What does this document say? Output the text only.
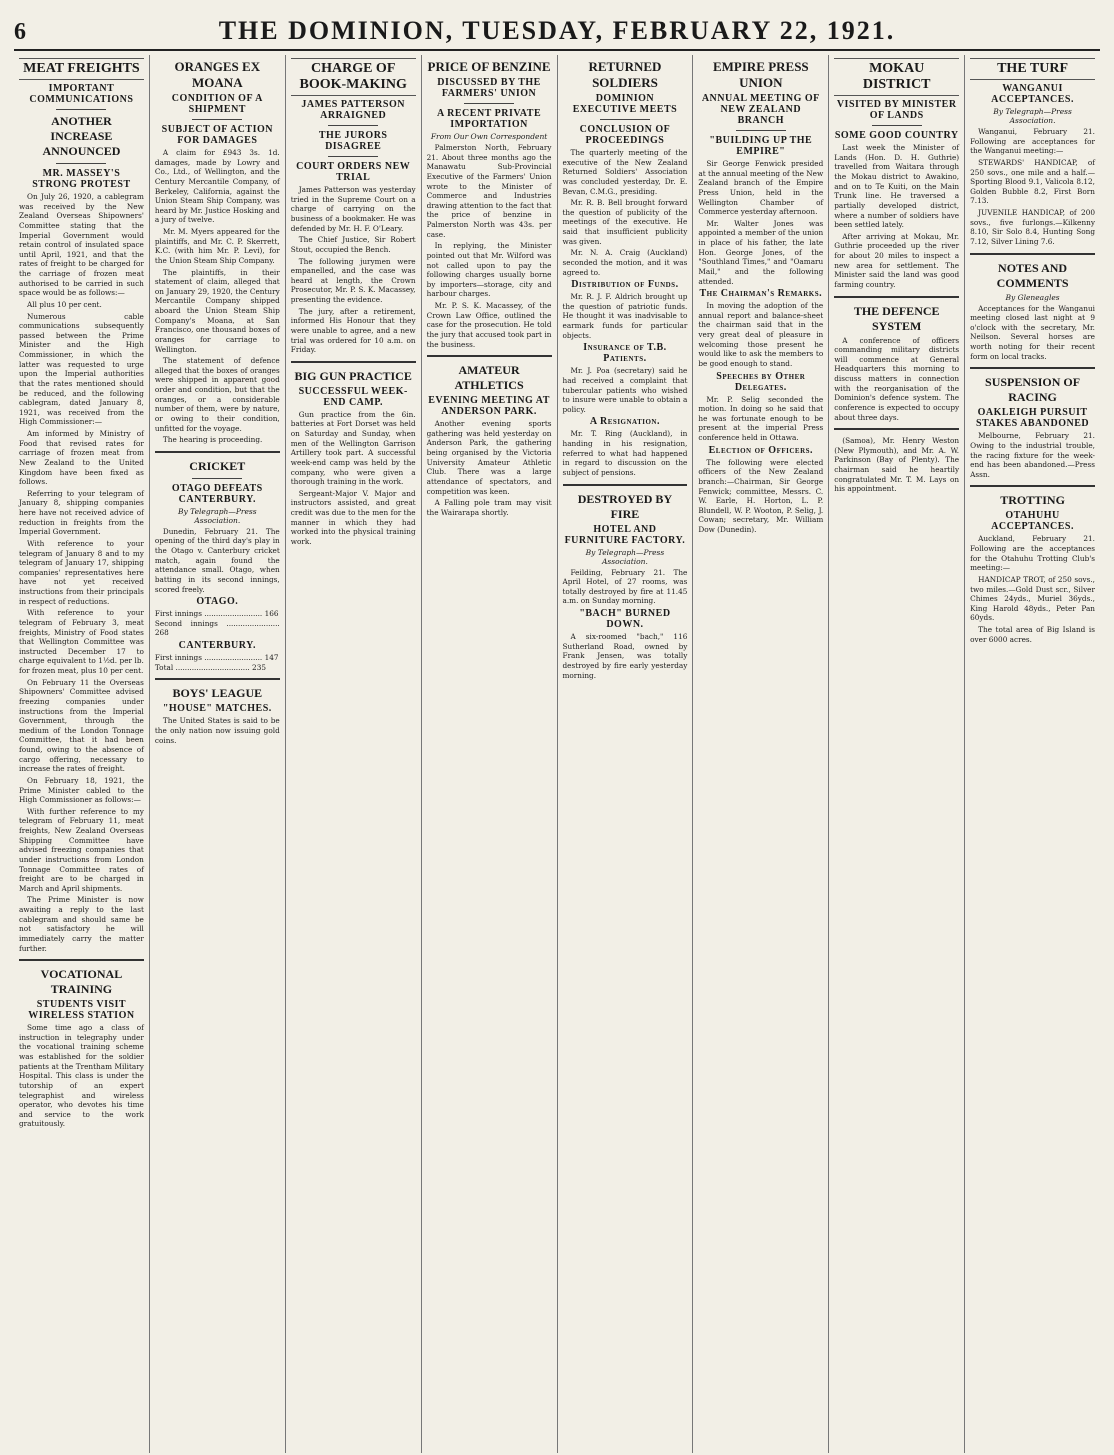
6	THE DOMINION, TUESDAY, FEBRUARY 22, 1921.
MEAT FREIGHTS
IMPORTANT COMMUNICATIONS
ANOTHER INCREASE ANNOUNCED
MR. MASSEY'S STRONG PROTEST

On July 26, 1920, a cablegram was received by the New Zealand Overseas Shipowners' Committee stating that the Imperial Government would retain control of insulated space until April, 1921, and that the rates of freight to be charged for the carriage of frozen meat authorised to be carried in such space would be as follows:—

All plus 10 per cent.

Numerous cable communications subsequently passed between the Prime Minister and the High Commissioner, in which the latter was requested to urge upon the Imperial authorities that the rates mentioned should be reduced, and the following cablegram, dated January 8, 1921, was received from the High Commissioner:—

Am informed by Ministry of Food that revised rates for carriage of frozen meat from New Zealand to the United Kingdom have been fixed as follows.

Referring to your telegram of January 8, shipping companies here have not received advice of reduction in freights from the Imperial Government.

With reference to your telegram of January 8 and to my telegram of January 17, shipping companies' representatives here have not yet received instructions from their principals in respect of reductions.

With reference to your telegram of February 3, meat freights, Ministry of Food states that Wellington Committee was instructed December 17 to charge equivalent to 1½d. per lb. for frozen meat, plus 10 per cent.

On February 11 the Overseas Shipowners' Committee advised freezing companies under instructions from the Imperial Government, through the medium of the London Tonnage Committee, that it had been found, owing to the absence of cargo offering, necessary to increase the rates of freight.

On February 18, 1921, the Prime Minister cabled to the High Commissioner as follows:—

With further reference to my telegram of February 11, meat freights, New Zealand Overseas Shipping Committee have advised freezing companies that under instructions from London Tonnage Committee rates of freight are to be charged in March and April shipments.

The Prime Minister is now awaiting a reply to the last cablegram and should same be not satisfactory he will immediately carry the matter further.

VOCATIONAL TRAINING
STUDENTS VISIT WIRELESS STATION

Some time ago a class of instruction in telegraphy under the vocational training scheme was established for the soldier patients at the Trentham Military Hospital. This class is under the tutorship of an expert telegraphist and wireless operator, who devotes his time and service to the work gratuitously.

ORANGES EX MOANA
CONDITION OF A SHIPMENT
SUBJECT OF ACTION FOR DAMAGES

A claim for £943 3s. 1d. damages, made by Lowry and Co., Ltd., of Wellington, and the Century Mercantile Company, of Berkeley, California, against the Union Steam Ship Company, was heard by Mr. Justice Hosking and a jury of twelve.

Mr. M. Myers appeared for the plaintiffs, and Mr. C. P. Skerrett, K.C. (with him Mr. P. Levi), for the Union Steam Ship Company.

The plaintiffs, in their statement of claim, alleged that on January 29, 1920, the Century Mercantile Company shipped aboard the Union Steam Ship Company's Moana, at San Francisco, one thousand boxes of oranges for carriage to Wellington.

The statement of defence alleged that the boxes of oranges were shipped in apparent good order and condition, but that the oranges, or a considerable number of them, were by nature, or owing to their condition, unfitted for the voyage.

The hearing is proceeding.

CRICKET
OTAGO DEFEATS CANTERBURY.
By Telegraph—Press Association.

Dunedin, February 21. The opening of the third day's play in the Otago v. Canterbury cricket match, again found the attendance small. Otago, when batting in its second innings, scored freely.

OTAGO.
First innings ......................... 166
Second innings ....................... 268
CANTERBURY.
First innings ......................... 147
Total ................................ 235
BOYS' LEAGUE
"HOUSE" MATCHES.

The United States is said to be the only nation now issuing gold coins.

CHARGE OF BOOK-MAKING
JAMES PATTERSON ARRAIGNED
THE JURORS DISAGREE
COURT ORDERS NEW TRIAL

James Patterson was yesterday tried in the Supreme Court on a charge of carrying on the business of a bookmaker. He was defended by Mr. H. F. O'Leary.

The Chief Justice, Sir Robert Stout, occupied the Bench.

The following jurymen were empanelled, and the case was heard at length, the Crown Prosecutor, Mr. P. S. K. Macassey, presenting the evidence.

The jury, after a retirement, informed His Honour that they were unable to agree, and a new trial was ordered for 10 a.m. on Friday.

BIG GUN PRACTICE
SUCCESSFUL WEEK-END CAMP.

Gun practice from the 6in. batteries at Fort Dorset was held on Saturday and Sunday, when men of the Wellington Garrison Artillery took part. A successful week-end camp was held by the company, who were given a thorough training in the work.

Sergeant-Major V. Major and instructors assisted, and great credit was due to the men for the manner in which they had worked into the physical training work.

PRICE OF BENZINE
DISCUSSED BY THE FARMERS' UNION
A RECENT PRIVATE IMPORTATION
From Our Own Correspondent

Palmerston North, February 21. About three months ago the Manawatu Sub-Provincial Executive of the Farmers' Union wrote to the Minister of Commerce and Industries drawing attention to the fact that the price of benzine in Palmerston North was 43s. per case.

In replying, the Minister pointed out that Mr. Wilford was not called upon to pay the following charges usually borne by importers—storage, city and harbour charges.

Mr. P. S. K. Macassey, of the Crown Law Office, outlined the case for the prosecution. He told the jury that accused took part in the business.

AMATEUR ATHLETICS
EVENING MEETING AT ANDERSON PARK.

Another evening sports gathering was held yesterday on Anderson Park, the gathering being organised by the Victoria University Amateur Athletic Club. There was a large attendance of spectators, and competition was keen.

A Falling pole tram may visit the Wairarapa shortly.

RETURNED SOLDIERS
DOMINION EXECUTIVE MEETS
CONCLUSION OF PROCEEDINGS

The quarterly meeting of the executive of the New Zealand Returned Soldiers' Association was concluded yesterday, Dr. E. Bevan, C.M.G., presiding.

Mr. R. B. Bell brought forward the question of publicity of the meetings of the executive. He said that insufficient publicity was given.

Mr. N. A. Craig (Auckland) seconded the motion, and it was agreed to.

Distribution of Funds.

Mr. R. J. F. Aldrich brought up the question of patriotic funds. He thought it was inadvisable to earmark funds for particular objects.

Insurance of T.B. Patients.

Mr. J. Poa (secretary) said he had received a complaint that tubercular patients who wished to insure were unable to obtain a policy.

A Resignation.

Mr. T. Ring (Auckland), in handing in his resignation, referred to what had happened in regard to discussion on the subject of pensions.

DESTROYED BY FIRE
HOTEL AND FURNITURE FACTORY.
By Telegraph—Press Association.

Feilding, February 21. The April Hotel, of 27 rooms, was totally destroyed by fire at 11.45 a.m. on Sunday morning.

"BACH" BURNED DOWN.

A six-roomed "bach," 116 Sutherland Road, owned by Frank Jensen, was totally destroyed by fire early yesterday morning.

EMPIRE PRESS UNION
ANNUAL MEETING OF NEW ZEALAND BRANCH
"BUILDING UP THE EMPIRE"

Sir George Fenwick presided at the annual meeting of the New Zealand branch of the Empire Press Union, held in the Wellington Chamber of Commerce yesterday afternoon.

Mr. Walter Jones was appointed a member of the union in place of his father, the late Hon. George Jones, of the "Southland Times," and "Oamaru Mail," and the following attended.

The Chairman's Remarks.

In moving the adoption of the annual report and balance-sheet the chairman said that in the very great deal of pleasure in welcoming those present he would like to ask the members to be good enough to stand.

Speeches by Other Delegates.

Mr. P. Selig seconded the motion. In doing so he said that he was fortunate enough to be present at the imperial Press conference held in Ottawa.

Election of Officers.

The following were elected officers of the New Zealand branch:—Chairman, Sir George Fenwick; committee, Messrs. C. W. Earle, H. Horton, L. P. Blundell, W. P. Wooton, P. Selig, J. Cowan; secretary, Mr. William Dow (Dunedin).

MOKAU DISTRICT
VISITED BY MINISTER OF LANDS
SOME GOOD COUNTRY

Last week the Minister of Lands (Hon. D. H. Guthrie) travelled from Waitara through the Mokau district to Awakino, and on to Te Kuiti, on the Main Trunk line. He traversed a partially developed district, where a number of soldiers have been settled lately.

After arriving at Mokau, Mr. Guthrie proceeded up the river for about 20 miles to inspect a new area for settlement. The Minister said the land was good farming country.

THE DEFENCE SYSTEM

A conference of officers commanding military districts will commence at General Headquarters this morning to discuss matters in connection with the reorganisation of the Dominion's defence system. The conference is expected to occupy about three days.

(Samoa), Mr. Henry Weston (New Plymouth), and Mr. A. W. Parkinson (Bay of Plenty). The chairman said he heartily congratulated Mr. T. M. Lays on his appointment.

THE TURF
WANGANUI ACCEPTANCES.
By Telegraph—Press Association.

Wanganui, February 21. Following are acceptances for the Wanganui meeting:—

STEWARDS' HANDICAP, of 250 sovs., one mile and a half.—Sporting Blood 9.1, Valicola 8.12, Golden Bubble 8.2, First Born 7.13.

JUVENILE HANDICAP, of 200 sovs., five furlongs.—Kilkenny 8.10, Sir Solo 8.4, Hunting Song 7.12, Silver Lining 7.6.

NOTES AND COMMENTS
By Gleneagles

Acceptances for the Wanganui meeting closed last night at 9 o'clock with the secretary, Mr. Neilson. Several horses are worth noting for their recent form on local tracks.

SUSPENSION OF RACING
OAKLEIGH PURSUIT STAKES ABANDONED

Melbourne, February 21. Owing to the industrial trouble, the racing fixture for the week-end has been abandoned.—Press Assn.

TROTTING
OTAHUHU ACCEPTANCES.

Auckland, February 21. Following are the acceptances for the Otahuhu Trotting Club's meeting:—

HANDICAP TROT, of 250 sovs., two miles.—Gold Dust scr., Silver Chimes 24yds., Muriel 36yds., King Harold 48yds., Peter Pan 60yds.

The total area of Big Island is over 6000 acres.
